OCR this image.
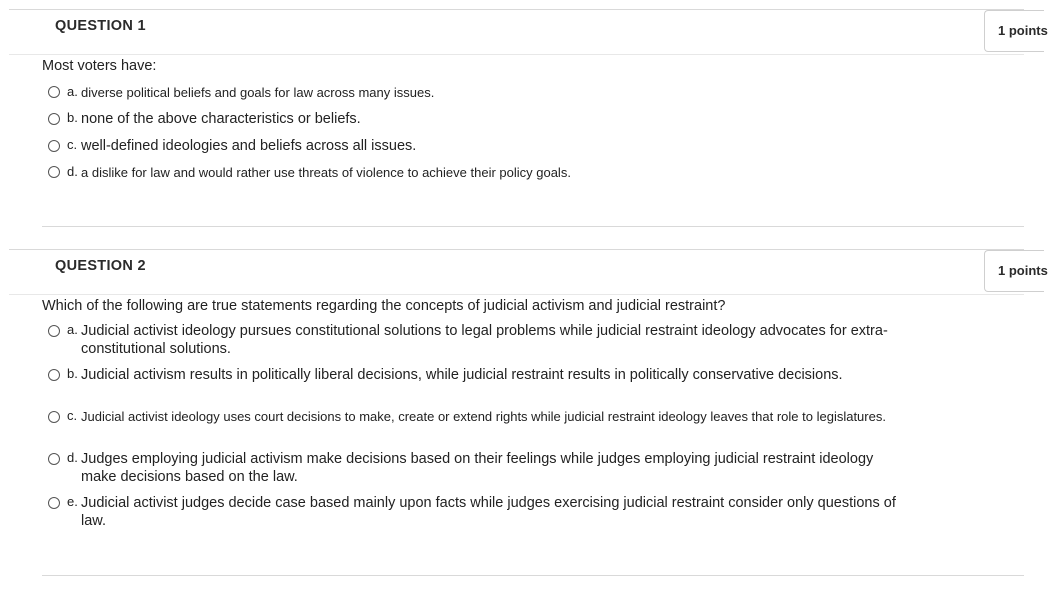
QUESTION 1	1 points
Most voters have:
a. diverse political beliefs and goals for law across many issues.
b. none of the above characteristics or beliefs.
c. well-defined ideologies and beliefs across all issues.
d. a dislike for law and would rather use threats of violence to achieve their policy goals.
QUESTION 2	1 points
Which of the following are true statements regarding the concepts of judicial activism and judicial restraint?
a. Judicial activist ideology pursues constitutional solutions to legal problems while judicial restraint ideology advocates for extra-constitutional solutions.
b. Judicial activism results in politically liberal decisions, while judicial restraint results in politically conservative decisions.
c. Judicial activist ideology uses court decisions to make, create or extend rights while judicial restraint ideology leaves that role to legislatures.
d. Judges employing judicial activism make decisions based on their feelings while judges employing judicial restraint ideology make decisions based on the law.
e. Judicial activist judges decide case based mainly upon facts while judges exercising judicial restraint consider only questions of law.
